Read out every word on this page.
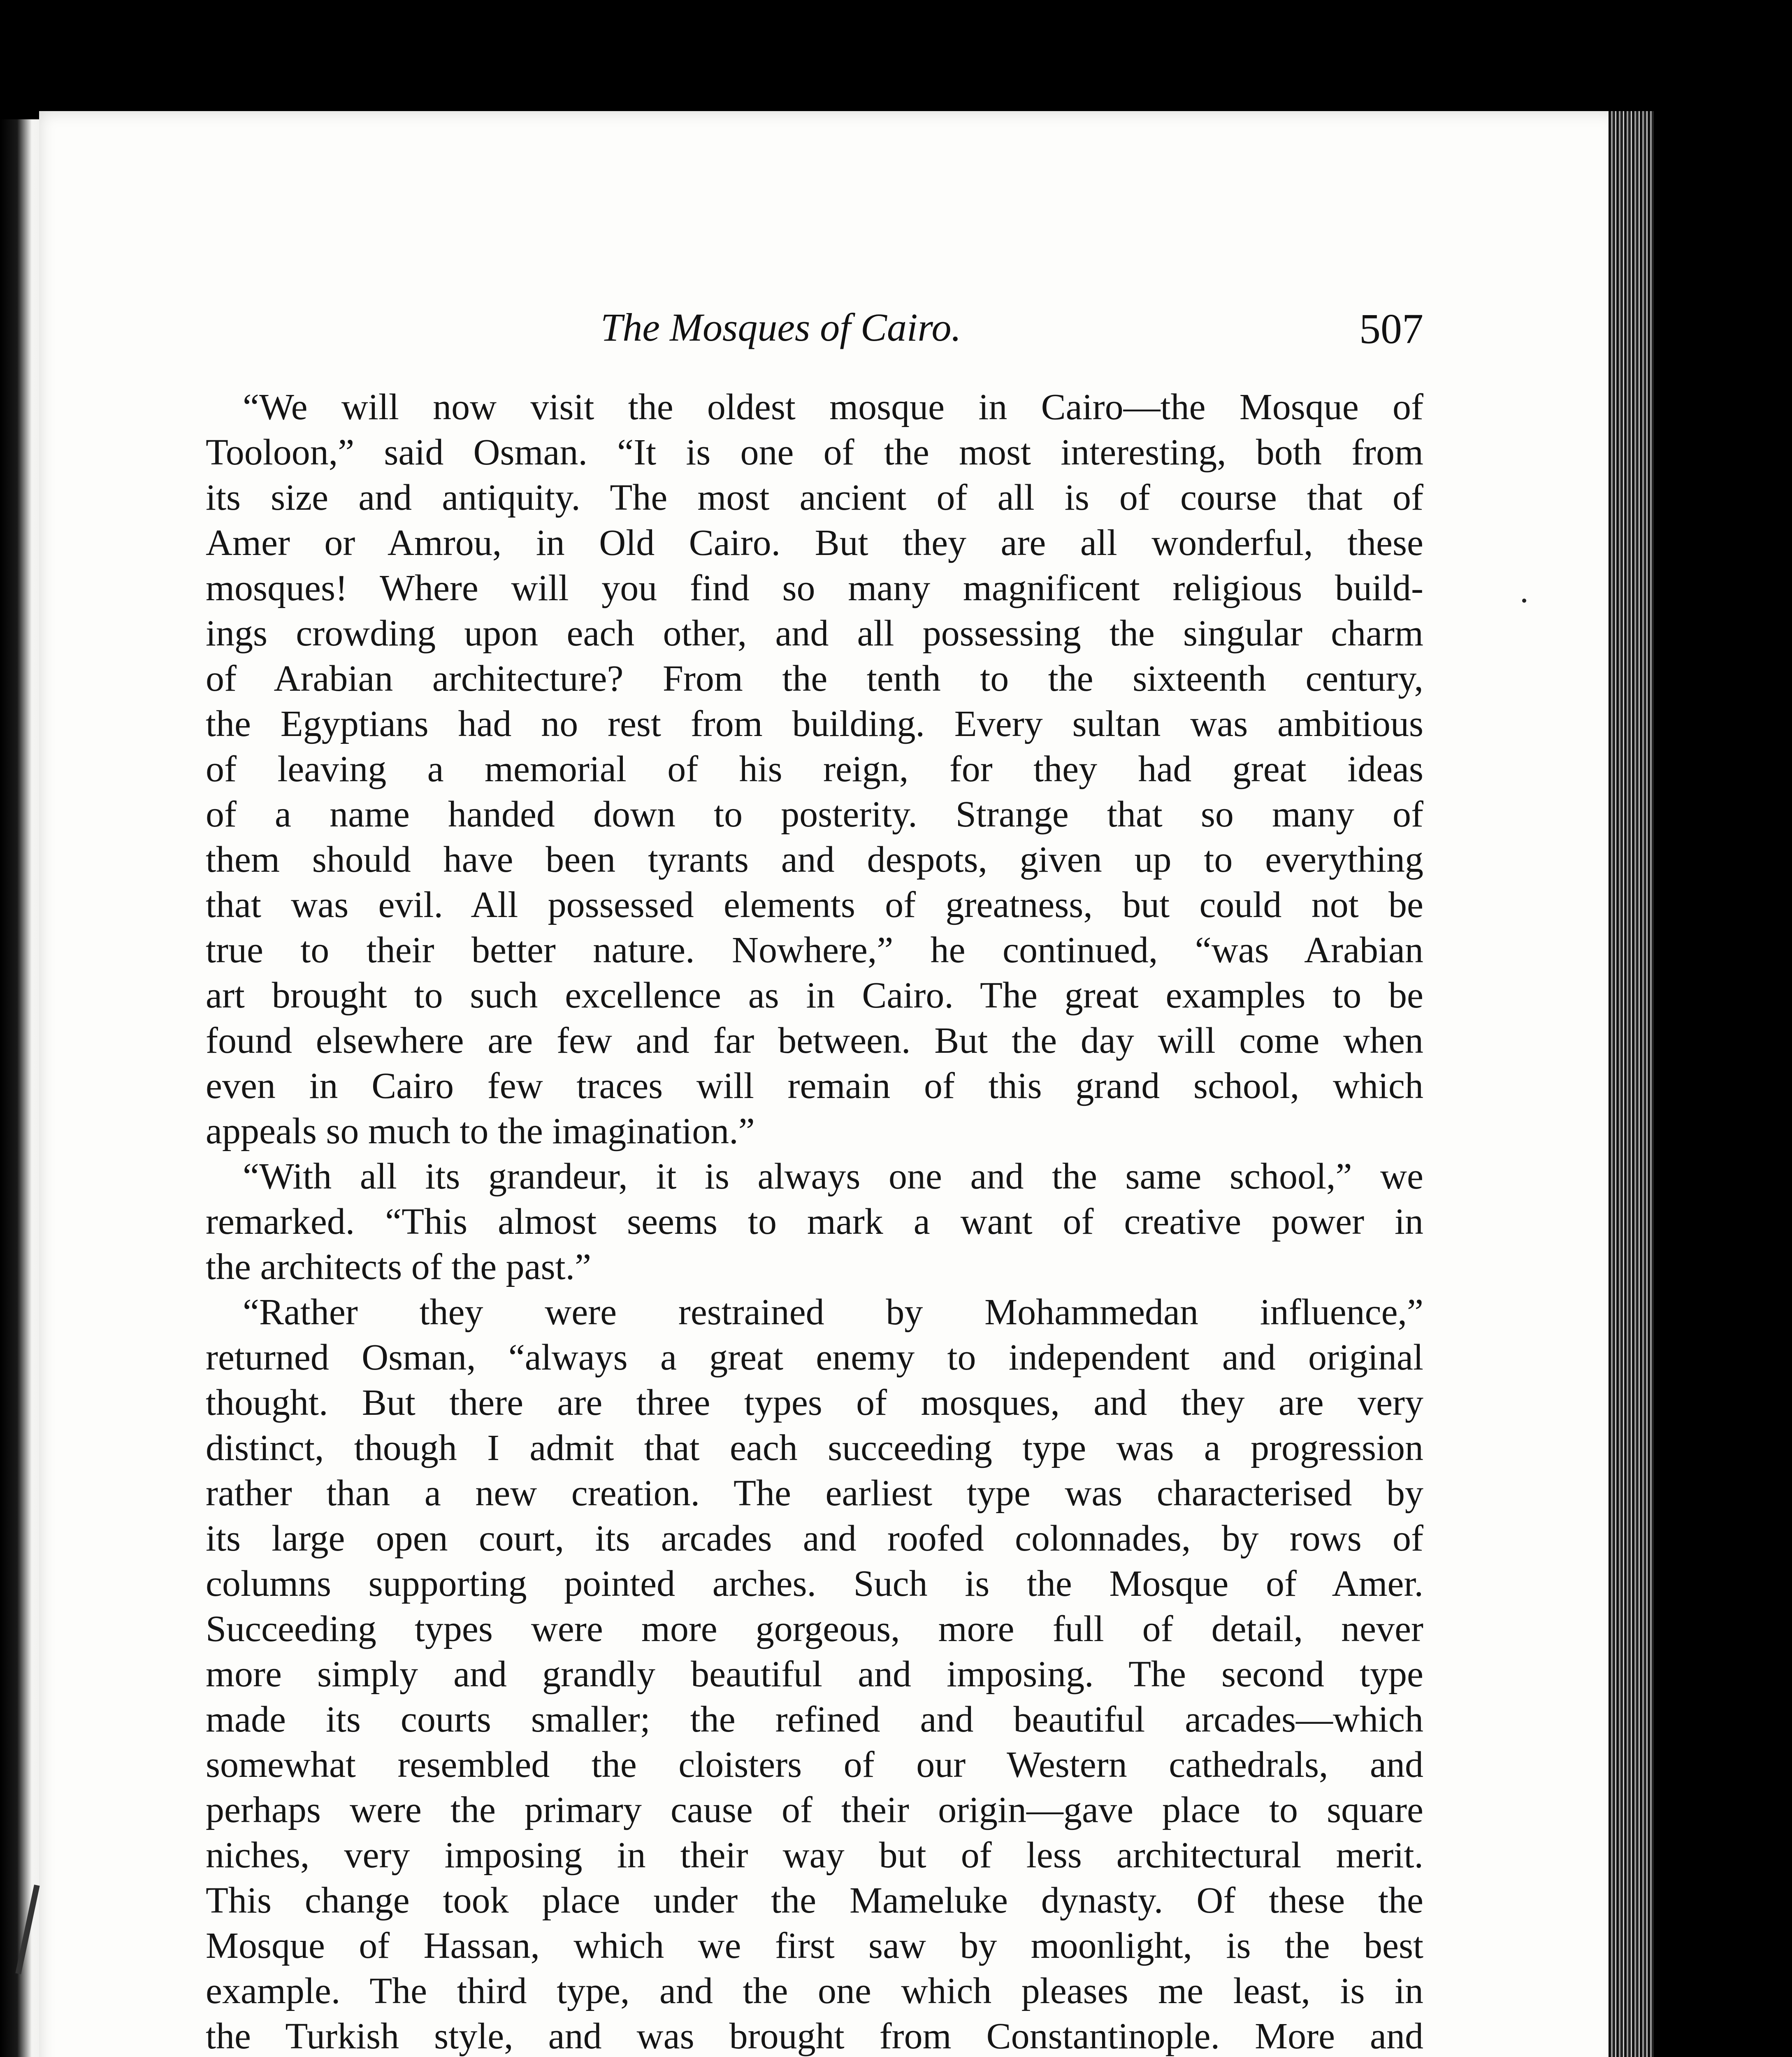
The Mosques of Cairo.	507
“We will now visit the oldest mosque in Cairo—the Mosque of
Tooloon,” said Osman. “It is one of the most interesting, both from
its size and antiquity. The most ancient of all is of course that of
Amer or Amrou, in Old Cairo. But they are all wonderful, these
mosques! Where will you find so many magnificent religious build-
ings crowding upon each other, and all possessing the singular charm
of Arabian architecture? From the tenth to the sixteenth century,
the Egyptians had no rest from building. Every sultan was ambitious
of leaving a memorial of his reign, for they had great ideas
of a name handed down to posterity. Strange that so many of
them should have been tyrants and despots, given up to everything
that was evil. All possessed elements of greatness, but could not be
true to their better nature. Nowhere,” he continued, “was Arabian
art brought to such excellence as in Cairo. The great examples to be
found elsewhere are few and far between. But the day will come when
even in Cairo few traces will remain of this grand school, which
appeals so much to the imagination.”
“With all its grandeur, it is always one and the same school,” we
remarked. “This almost seems to mark a want of creative power in
the architects of the past.”
“Rather they were restrained by Mohammedan influence,”
returned Osman, “always a great enemy to independent and original
thought. But there are three types of mosques, and they are very
distinct, though I admit that each succeeding type was a progression
rather than a new creation. The earliest type was characterised by
its large open court, its arcades and roofed colonnades, by rows of
columns supporting pointed arches. Such is the Mosque of Amer.
Succeeding types were more gorgeous, more full of detail, never
more simply and grandly beautiful and imposing. The second type
made its courts smaller; the refined and beautiful arcades—which
somewhat resembled the cloisters of our Western cathedrals, and
perhaps were the primary cause of their origin—gave place to square
niches, very imposing in their way but of less architectural merit.
This change took place under the Mameluke dynasty. Of these the
Mosque of Hassan, which we first saw by moonlight, is the best
example. The third type, and the one which pleases me least, is in
the Turkish style, and was brought from Constantinople. More and
